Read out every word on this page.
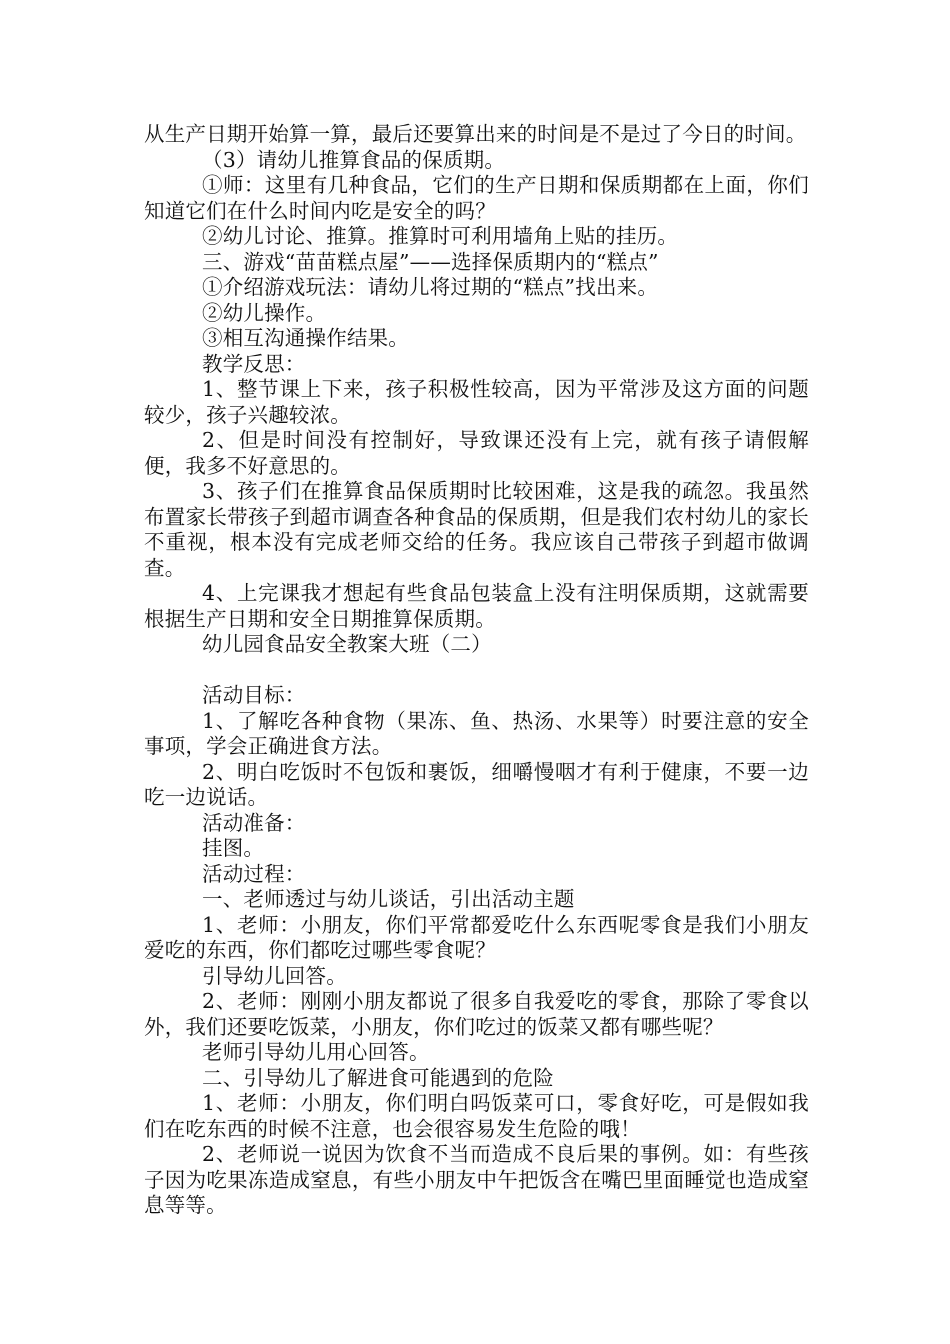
从生产日期开始算一算，最后还要算出来的时间是不是过了今日的时间。

（3）请幼儿推算食品的保质期。

①师：这里有几种食品，它们的生产日期和保质期都在上面，你们知道它们在什么时间内吃是安全的吗？

②幼儿讨论、推算。推算时可利用墙角上贴的挂历。

三、游戏“苗苗糕点屋”——选择保质期内的“糕点”

①介绍游戏玩法：请幼儿将过期的“糕点”找出来。

②幼儿操作。

③相互沟通操作结果。

教学反思：

1、整节课上下来，孩子积极性较高，因为平常涉及这方面的问题较少，孩子兴趣较浓。

2、但是时间没有控制好，导致课还没有上完，就有孩子请假解便，我多不好意思的。

3、孩子们在推算食品保质期时比较困难，这是我的疏忽。我虽然布置家长带孩子到超市调查各种食品的保质期，但是我们农村幼儿的家长不重视，根本没有完成老师交给的任务。我应该自己带孩子到超市做调查。

4、上完课我才想起有些食品包装盒上没有注明保质期，这就需要根据生产日期和安全日期推算保质期。

幼儿园食品安全教案大班（二）

活动目标：

1、了解吃各种食物（果冻、鱼、热汤、水果等）时要注意的安全事项，学会正确进食方法。

2、明白吃饭时不包饭和裹饭，细嚼慢咽才有利于健康，不要一边吃一边说话。

活动准备：

挂图。

活动过程：

一、老师透过与幼儿谈话，引出活动主题

1、老师：小朋友，你们平常都爱吃什么东西呢零食是我们小朋友爱吃的东西，你们都吃过哪些零食呢？

引导幼儿回答。

2、老师：刚刚小朋友都说了很多自我爱吃的零食，那除了零食以外，我们还要吃饭菜，小朋友，你们吃过的饭菜又都有哪些呢？

老师引导幼儿用心回答。

二、引导幼儿了解进食可能遇到的危险

1、老师：小朋友，你们明白吗饭菜可口，零食好吃，可是假如我们在吃东西的时候不注意，也会很容易发生危险的哦！

2、老师说一说因为饮食不当而造成不良后果的事例。如：有些孩子因为吃果冻造成窒息，有些小朋友中午把饭含在嘴巴里面睡觉也造成窒息等等。
